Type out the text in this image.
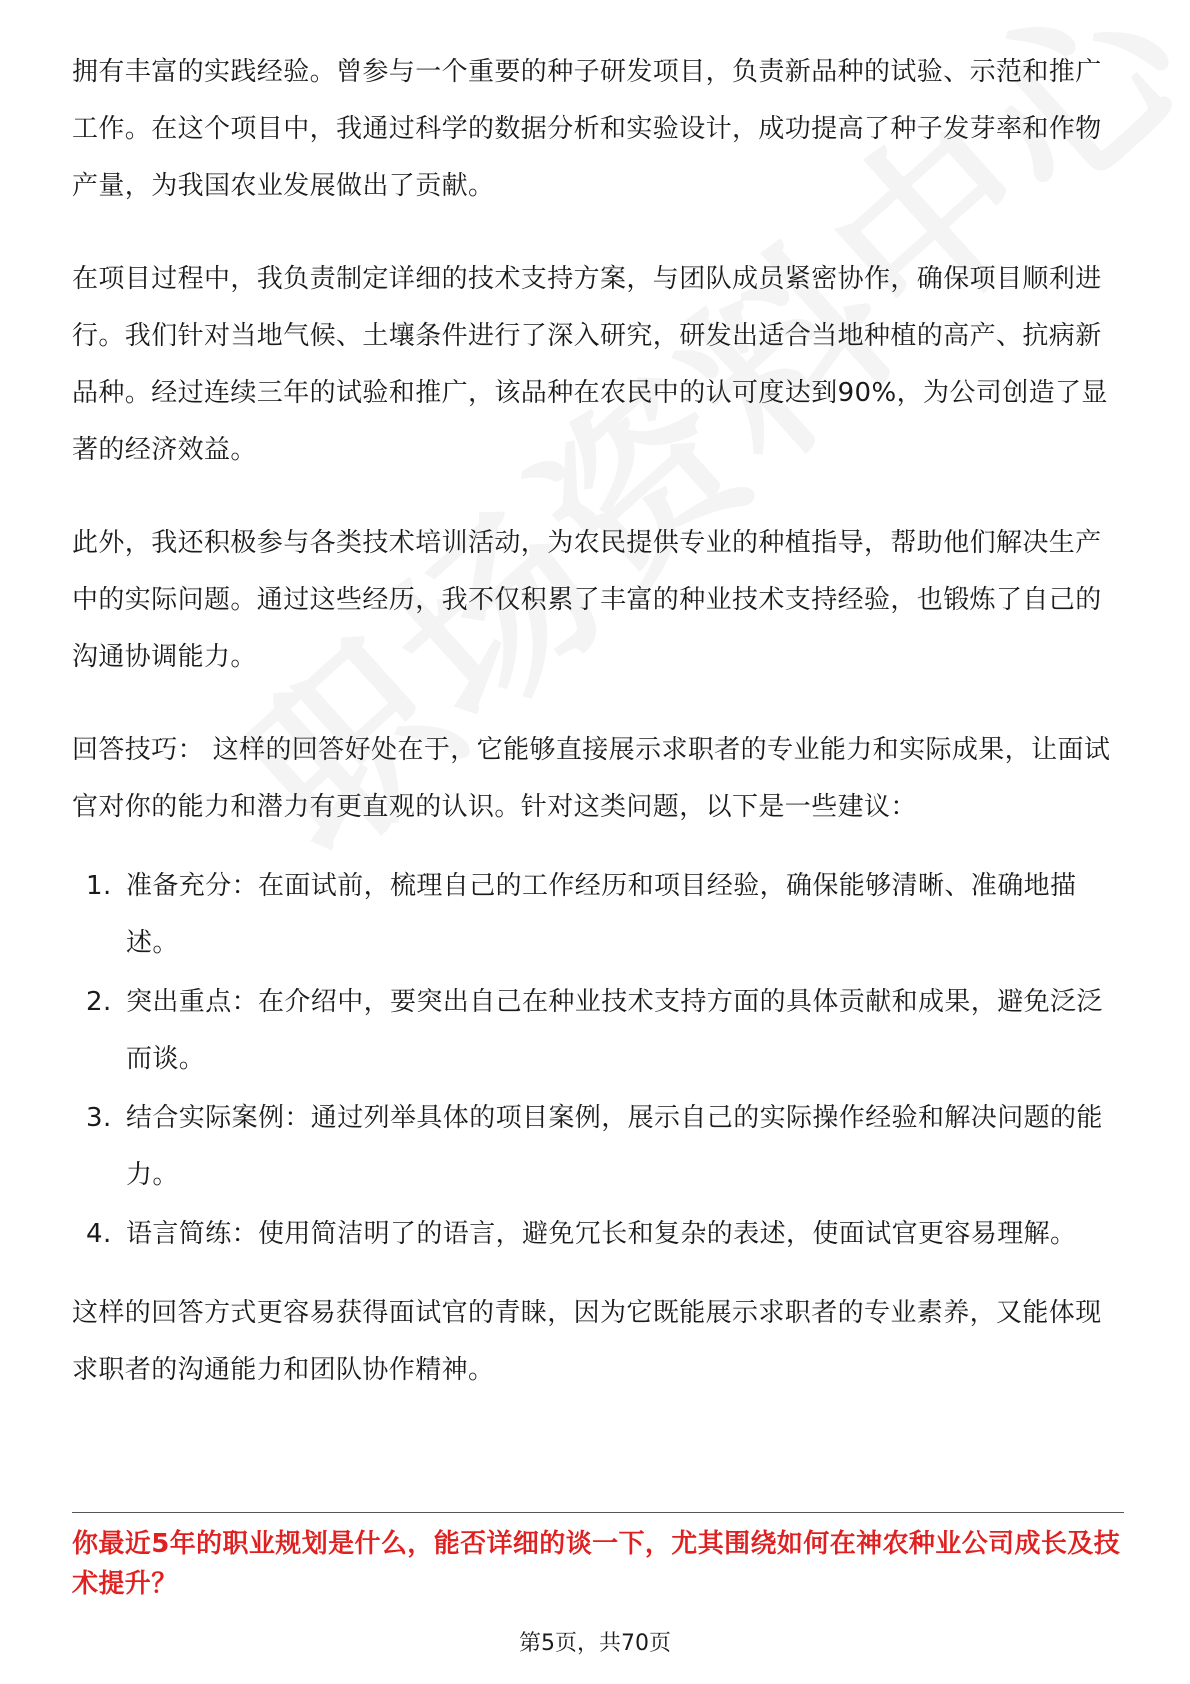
拥有丰富的实践经验。曾参与一个重要的种子研发项目，负责新品种的试验、示范和推广工作。在这个项目中，我通过科学的数据分析和实验设计，成功提高了种子发芽率和作物产量，为我国农业发展做出了贡献。

在项目过程中，我负责制定详细的技术支持方案，与团队成员紧密协作，确保项目顺利进行。我们针对当地气候、土壤条件进行了深入研究，研发出适合当地种植的高产、抗病新品种。经过连续三年的试验和推广，该品种在农民中的认可度达到90%，为公司创造了显著的经济效益。

此外，我还积极参与各类技术培训活动，为农民提供专业的种植指导，帮助他们解决生产中的实际问题。通过这些经历，我不仅积累了丰富的种业技术支持经验，也锻炼了自己的沟通协调能力。

回答技巧： 这样的回答好处在于，它能够直接展示求职者的专业能力和实际成果，让面试官对你的能力和潜力有更直观的认识。针对这类问题，以下是一些建议：

1. 准备充分：在面试前，梳理自己的工作经历和项目经验，确保能够清晰、准确地描述。
2. 突出重点：在介绍中，要突出自己在种业技术支持方面的具体贡献和成果，避免泛泛而谈。
3. 结合实际案例：通过列举具体的项目案例，展示自己的实际操作经验和解决问题的能力。
4. 语言简练：使用简洁明了的语言，避免冗长和复杂的表述，使面试官更容易理解。

这样的回答方式更容易获得面试官的青睐，因为它既能展示求职者的专业素养，又能体现求职者的沟通能力和团队协作精神。

你最近5年的职业规划是什么，能否详细的谈一下，尤其围绕如何在神农种业公司成长及技术提升？

第5页，共70页
